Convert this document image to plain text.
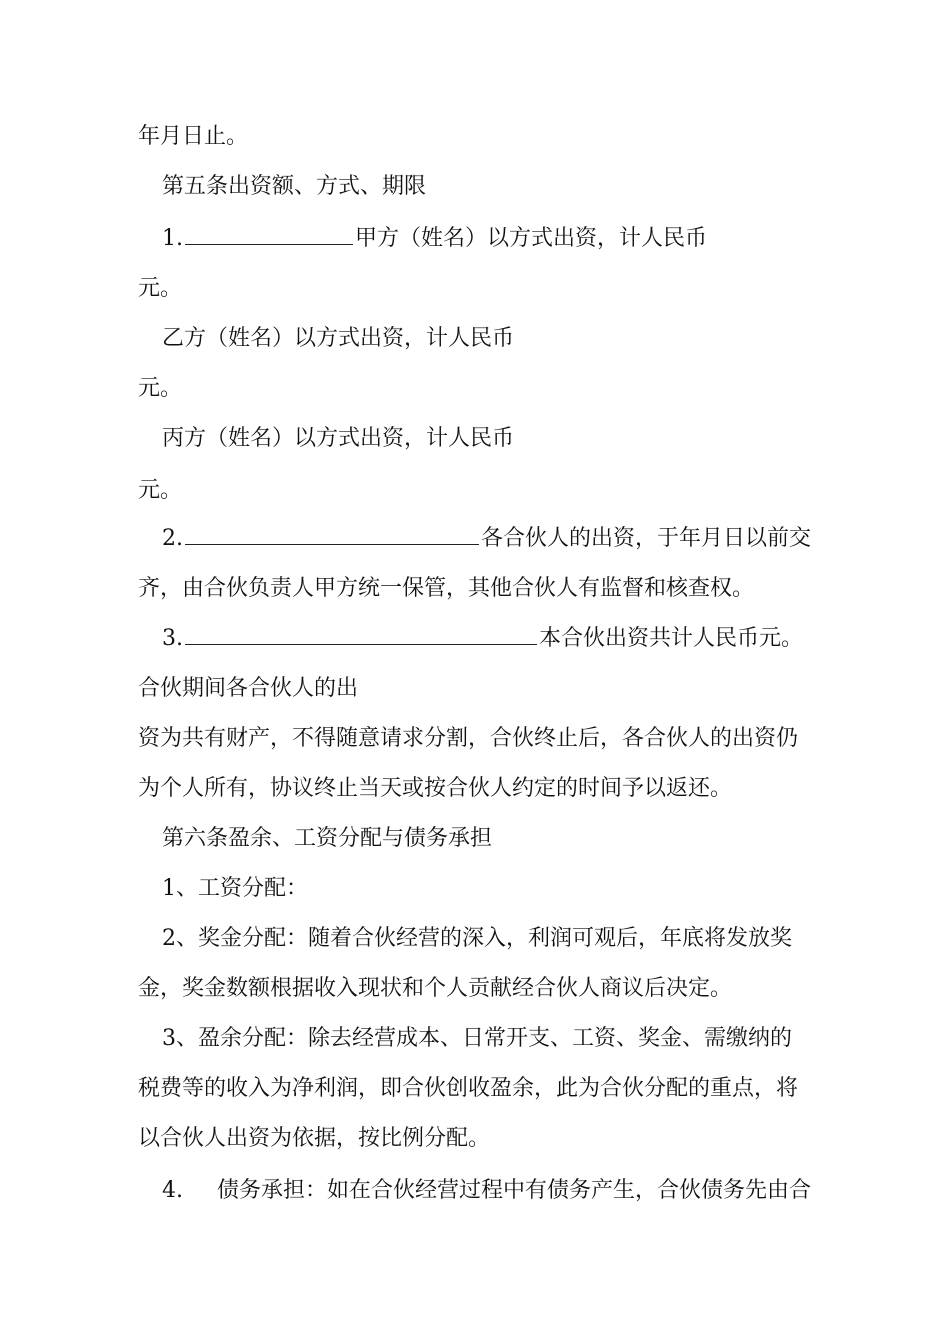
年月日止。
第五条出资额、方式、期限
1.	甲方（姓名）以方式出资，计人民币
元。
乙方（姓名）以方式出资，计人民币
元。
丙方（姓名）以方式出资，计人民币
元。
2.	各合伙人的出资，于年月日以前交
齐，由合伙负责人甲方统一保管，其他合伙人有监督和核查权。
3.	本合伙出资共计人民币元。
合伙期间各合伙人的出
资为共有财产，不得随意请求分割，合伙终止后，各合伙人的出资仍
为个人所有，协议终止当天或按合伙人约定的时间予以返还。
第六条盈余、工资分配与债务承担
1、工资分配：
2、奖金分配：随着合伙经营的深入，利润可观后，年底将发放奖
金，奖金数额根据收入现状和个人贡献经合伙人商议后决定。
3、盈余分配：除去经营成本、日常开支、工资、奖金、需缴纳的
税费等的收入为净利润，即合伙创收盈余，此为合伙分配的重点，将
以合伙人出资为依据，按比例分配。
4. 债务承担：如在合伙经营过程中有债务产生，合伙债务先由合
